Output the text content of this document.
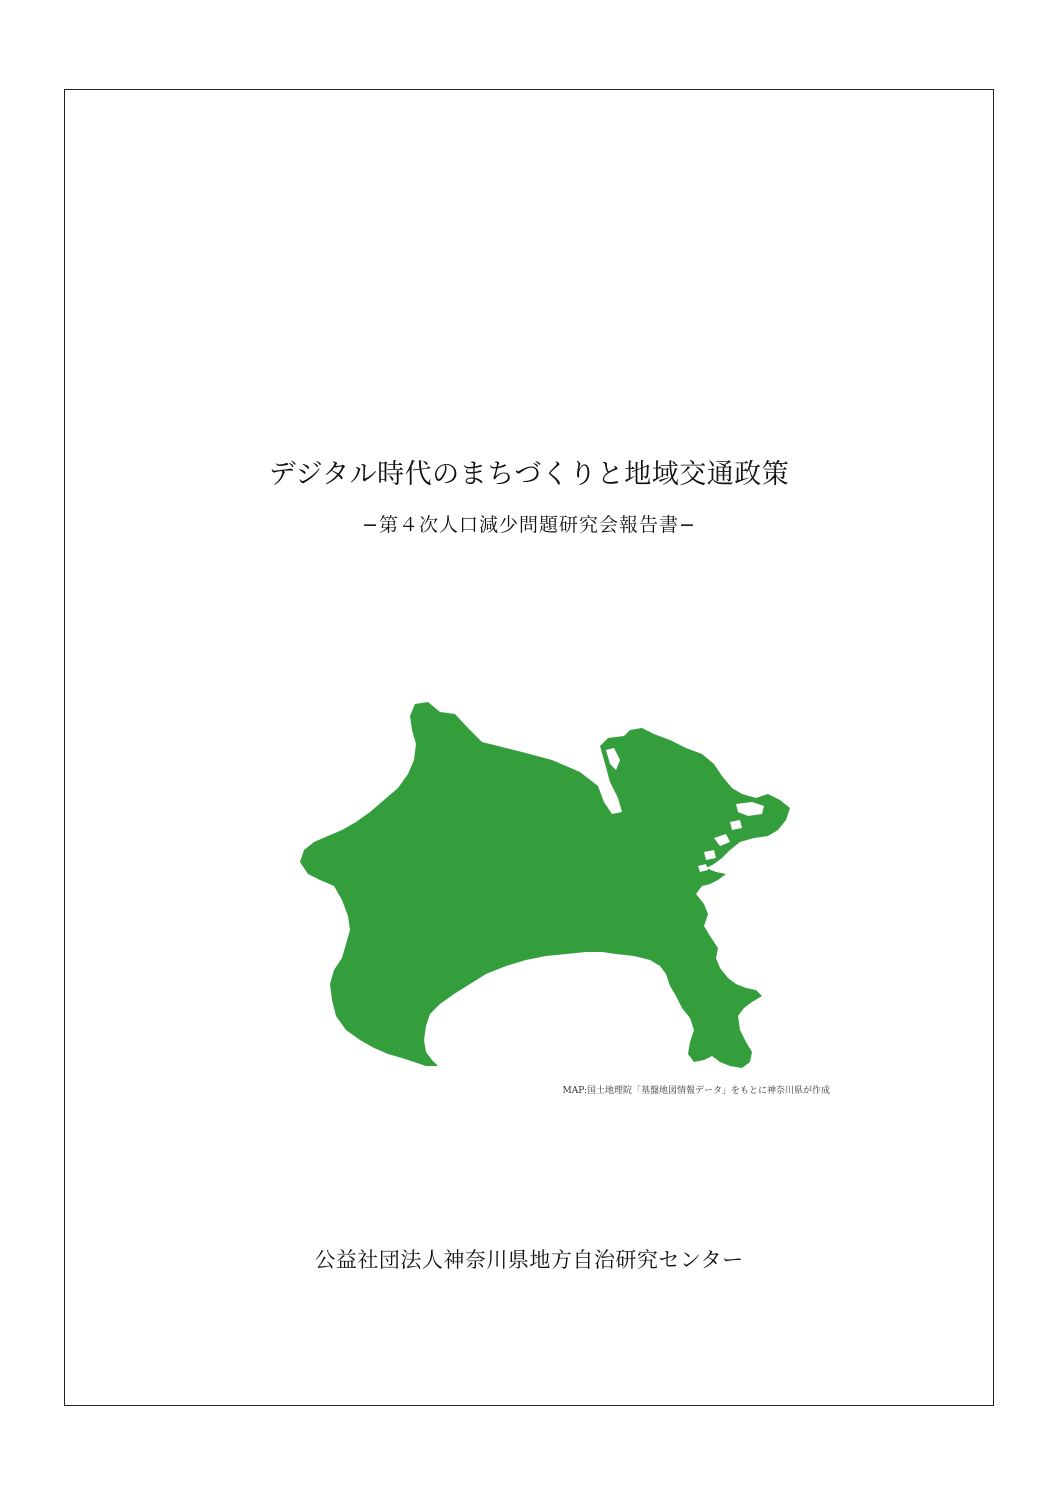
デジタル時代のまちづくりと地域交通政策
−第４次人口減少問題研究会報告書−
MAP:国土地理院「基盤地図情報データ」をもとに神奈川県が作成
公益社団法人神奈川県地方自治研究センター
